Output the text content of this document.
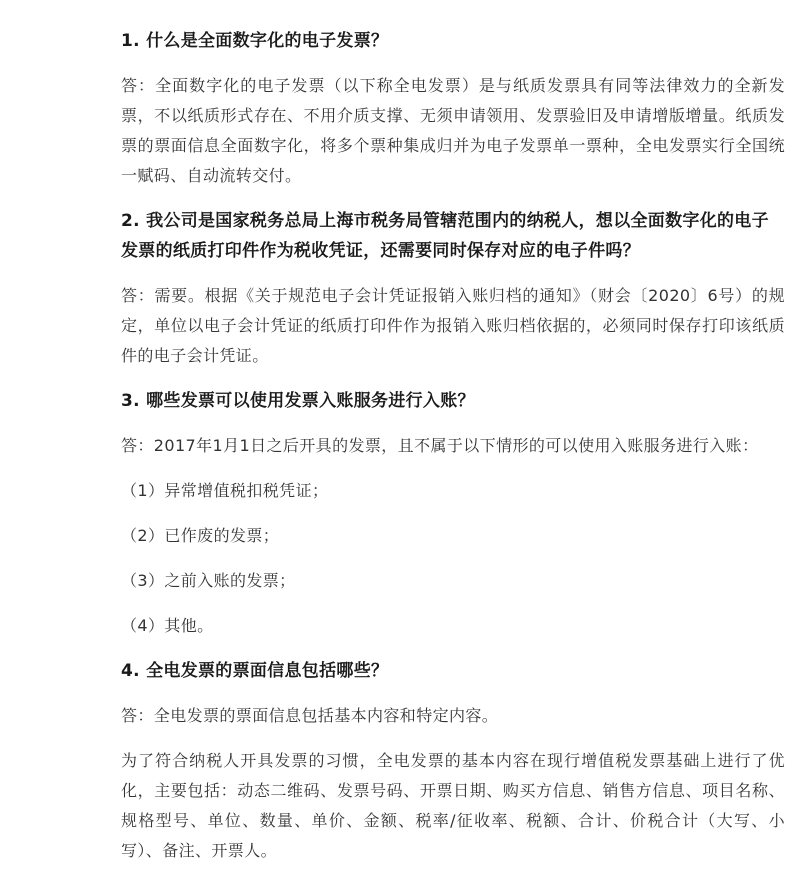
1. 什么是全面数字化的电子发票？

答：全面数字化的电子发票（以下称全电发票）是与纸质发票具有同等法律效力的全新发票，不以纸质形式存在、不用介质支撑、无须申请领用、发票验旧及申请增版增量。纸质发票的票面信息全面数字化，将多个票种集成归并为电子发票单一票种，全电发票实行全国统一赋码、自动流转交付。

2. 我公司是国家税务总局上海市税务局管辖范围内的纳税人，想以全面数字化的电子发票的纸质打印件作为税收凭证，还需要同时保存对应的电子件吗？

答：需要。根据《关于规范电子会计凭证报销入账归档的通知》（财会〔2020〕6号）的规定，单位以电子会计凭证的纸质打印件作为报销入账归档依据的，必须同时保存打印该纸质件的电子会计凭证。

3. 哪些发票可以使用发票入账服务进行入账？

答：2017年1月1日之后开具的发票，且不属于以下情形的可以使用入账服务进行入账：

（1）异常增值税扣税凭证；

（2）已作废的发票；

（3）之前入账的发票；

（4）其他。

4. 全电发票的票面信息包括哪些？

答：全电发票的票面信息包括基本内容和特定内容。

为了符合纳税人开具发票的习惯，全电发票的基本内容在现行增值税发票基础上进行了优化，主要包括：动态二维码、发票号码、开票日期、购买方信息、销售方信息、项目名称、规格型号、单位、数量、单价、金额、税率/征收率、税额、合计、价税合计（大写、小写）、备注、开票人。
